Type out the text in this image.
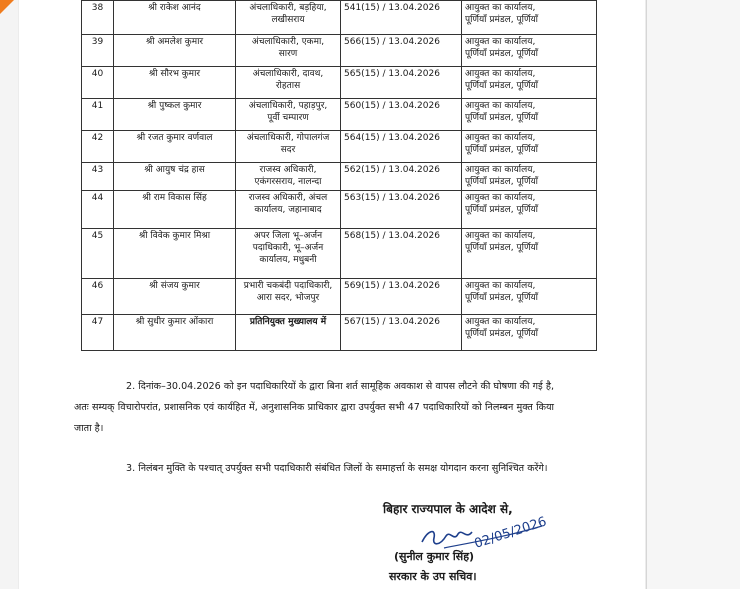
38	श्री राकेश आनंद	अंचलाधिकारी, बड़हिया,
लखीसराय	541(15) / 13.04.2026	आयुक्त का कार्यालय,
पूर्णियाँ प्रमंडल, पूर्णियाँ

39	श्री अमलेश कुमार	अंचलाधिकारी, एकमा,
सारण	566(15) / 13.04.2026	आयुक्त का कार्यालय,
पूर्णियाँ प्रमंडल, पूर्णियाँ

40	श्री सौरभ कुमार	अंचलाधिकारी, दावथ,
रोहतास	565(15) / 13.04.2026	आयुक्त का कार्यालय,
पूर्णियाँ प्रमंडल, पूर्णियाँ

41	श्री पुष्कल कुमार	अंचलाधिकारी, पहाड़पुर,
पूर्वी चम्पारण	560(15) / 13.04.2026	आयुक्त का कार्यालय,
पूर्णियाँ प्रमंडल, पूर्णियाँ

42	श्री रजत कुमार वर्णवाल	अंचलाधिकारी, गोपालगंज
सदर	564(15) / 13.04.2026	आयुक्त का कार्यालय,
पूर्णियाँ प्रमंडल, पूर्णियाँ

43	श्री आयुष चंद्र हास	राजस्व अधिकारी,
एकंगरसराय, नालन्दा	562(15) / 13.04.2026	आयुक्त का कार्यालय,
पूर्णियाँ प्रमंडल, पूर्णियाँ

44	श्री राम विकास सिंह	राजस्व अधिकारी, अंचल
कार्यालय, जहानाबाद	563(15) / 13.04.2026	आयुक्त का कार्यालय,
पूर्णियाँ प्रमंडल, पूर्णियाँ

45	श्री विवेक कुमार मिश्रा	अपर जिला भू–अर्जन
पदाधिकारी, भू–अर्जन
कार्यालय, मधुबनी	568(15) / 13.04.2026	आयुक्त का कार्यालय,
पूर्णियाँ प्रमंडल, पूर्णियाँ

46	श्री संजय कुमार	प्रभारी चकबंदी पदाधिकारी,
आरा सदर, भोजपुर	569(15) / 13.04.2026	आयुक्त का कार्यालय,
पूर्णियाँ प्रमंडल, पूर्णियाँ

47	श्री सुधीर कुमार ओंकारा	प्रतिनियुक्त मुख्यालय में	567(15) / 13.04.2026	आयुक्त का कार्यालय,
पूर्णियाँ प्रमंडल, पूर्णियाँ
2. दिनांक–30.04.2026 को इन पदाधिकारियों के द्वारा बिना शर्त सामूहिक अवकाश से वापस लौटने की घोषणा की गई है, अतः सम्यक् विचारोपरांत, प्रशासनिक एवं कार्यहित में, अनुशासनिक प्राधिकार द्वारा उपर्युक्त सभी 47 पदाधिकारियों को निलम्बन मुक्त किया जाता है।
3. निलंबन मुक्ति के पश्चात् उपर्युक्त सभी पदाधिकारी संबंधित जिलों के समाहर्त्ता के समक्ष योगदान करना सुनिश्चित करेंगे।
बिहार राज्यपाल के आदेश से,
02/05/2026
(सुनील कुमार सिंह)
सरकार के उप सचिव।
